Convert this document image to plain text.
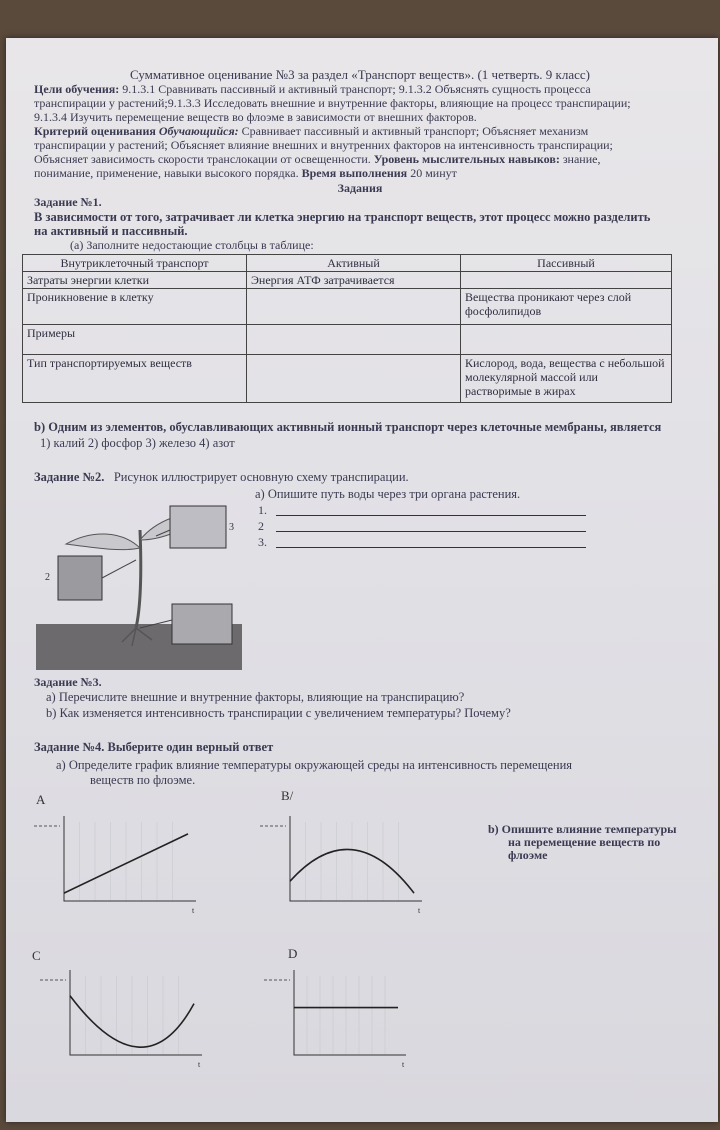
Суммативное оценивание №3 за раздел «Транспорт веществ». (1 четверть. 9 класс)
Цели обучения: 9.1.3.1 Сравнивать пассивный и активный транспорт; 9.1.3.2 Объяснять сущность процесса
транспирации у растений;9.1.3.3 Исследовать внешние и внутренние факторы, влияющие на процесс транспирации;
9.1.3.4 Изучить перемещение веществ во флоэме в зависимости от внешних факторов.
Критерий оценивания Обучающийся: Сравнивает пассивный и активный транспорт; Объясняет механизм
транспирации у растений; Объясняет влияние внешних и внутренних факторов на интенсивность транспирации;
Объясняет зависимость скорости транслокации от освещенности. Уровень мыслительных навыков: знание,
понимание, применение, навыки высокого порядка. Время выполнения 20 минут
Задания
Задание №1.
В зависимости от того, затрачивает ли клетка энергию на транспорт веществ, этот процесс можно разделить
на активный и пассивный.
(a) Заполните недостающие столбцы в таблице:
Внутриклеточный транспорт	Активный	Пассивный
Затраты энергии клетки	Энергия АТФ затрачивается	
Проникновение в клетку		Вещества проникают через слой фосфолипидов
Примеры		
Тип транспортируемых веществ		Кислород, вода, вещества с небольшой молекулярной массой или растворимые в жирах
b) Одним из элементов, обуславливающих активный ионный транспорт через клеточные мембраны, является
1) калий 2) фосфор 3) железо 4) азот
Задание №2. Рисунок иллюстрирует основную схему транспирации.
a) Опишите путь воды через три органа растения.
1.
2
3.
2
3
Задание №3.
a) Перечислите внешние и внутренние факторы, влияющие на транспирацию?
b) Как изменяется интенсивность транспирации с увеличением температуры? Почему?
Задание №4. Выберите один верный ответ
a) Определите график влияние температуры окружающей среды на интенсивность перемещения
веществ по флоэме.
b) Опишите влияние температуры
на перемещение веществ по
флоэме
A	B/
C	D
t	t
t	t
